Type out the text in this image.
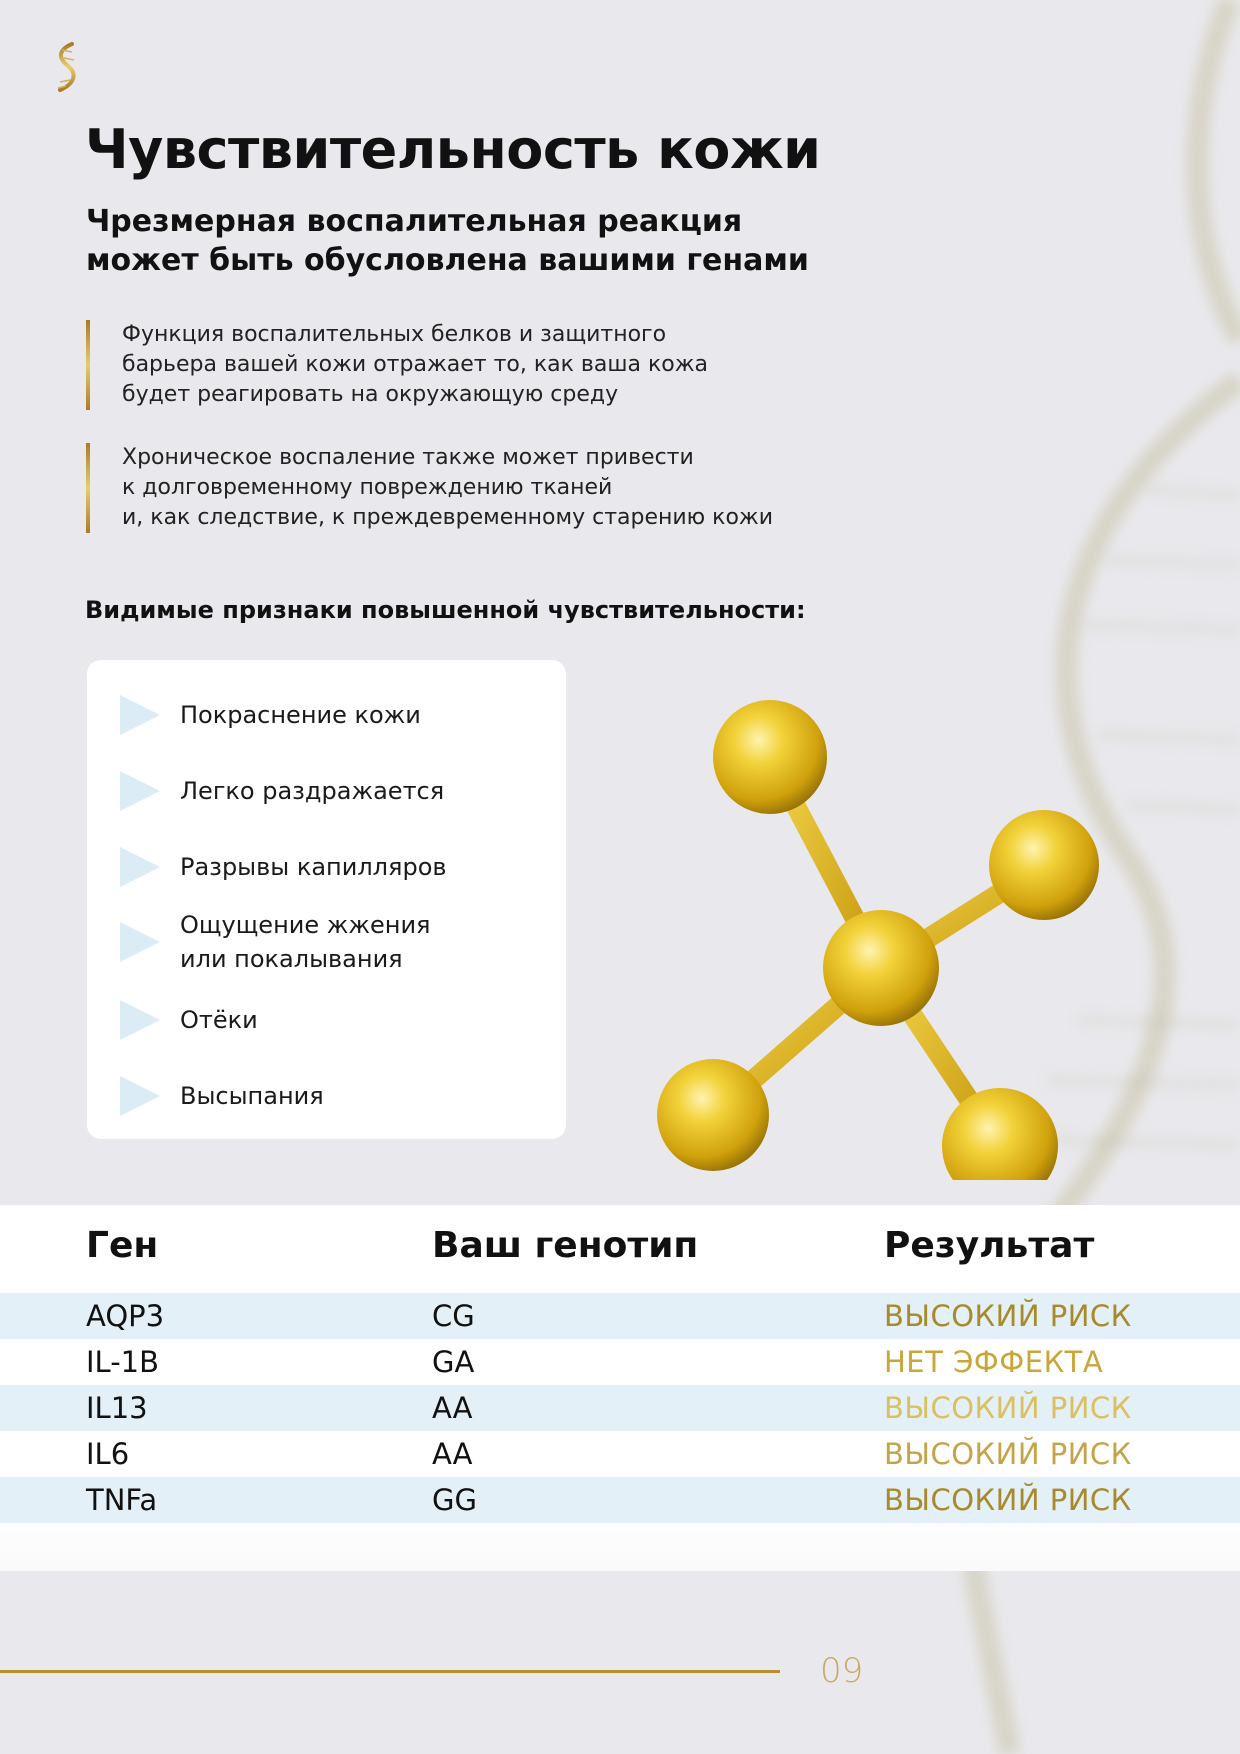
Чувствительность кожи
Чрезмерная воспалительная реакция
может быть обусловлена вашими генами
Функция воспалительных белков и защитного
барьера вашей кожи отражает то, как ваша кожа
будет реагировать на окружающую среду
Хроническое воспаление также может привести
к долговременному повреждению тканей
и, как следствие, к преждевременному старению кожи
Видимые признаки повышенной чувствительности:
Покраснение кожи
Легко раздражается
Разрывы капилляров
Ощущение жжения
или покалывания
Отёки
Высыпания
Ген	Ваш генотип	Результат
AQP3	CG	ВЫСОКИЙ РИСК
IL-1B	GA	НЕТ ЭФФЕКТА
IL13	AA	ВЫСОКИЙ РИСК
IL6	AA	ВЫСОКИЙ РИСК
TNFa	GG	ВЫСОКИЙ РИСК
09
